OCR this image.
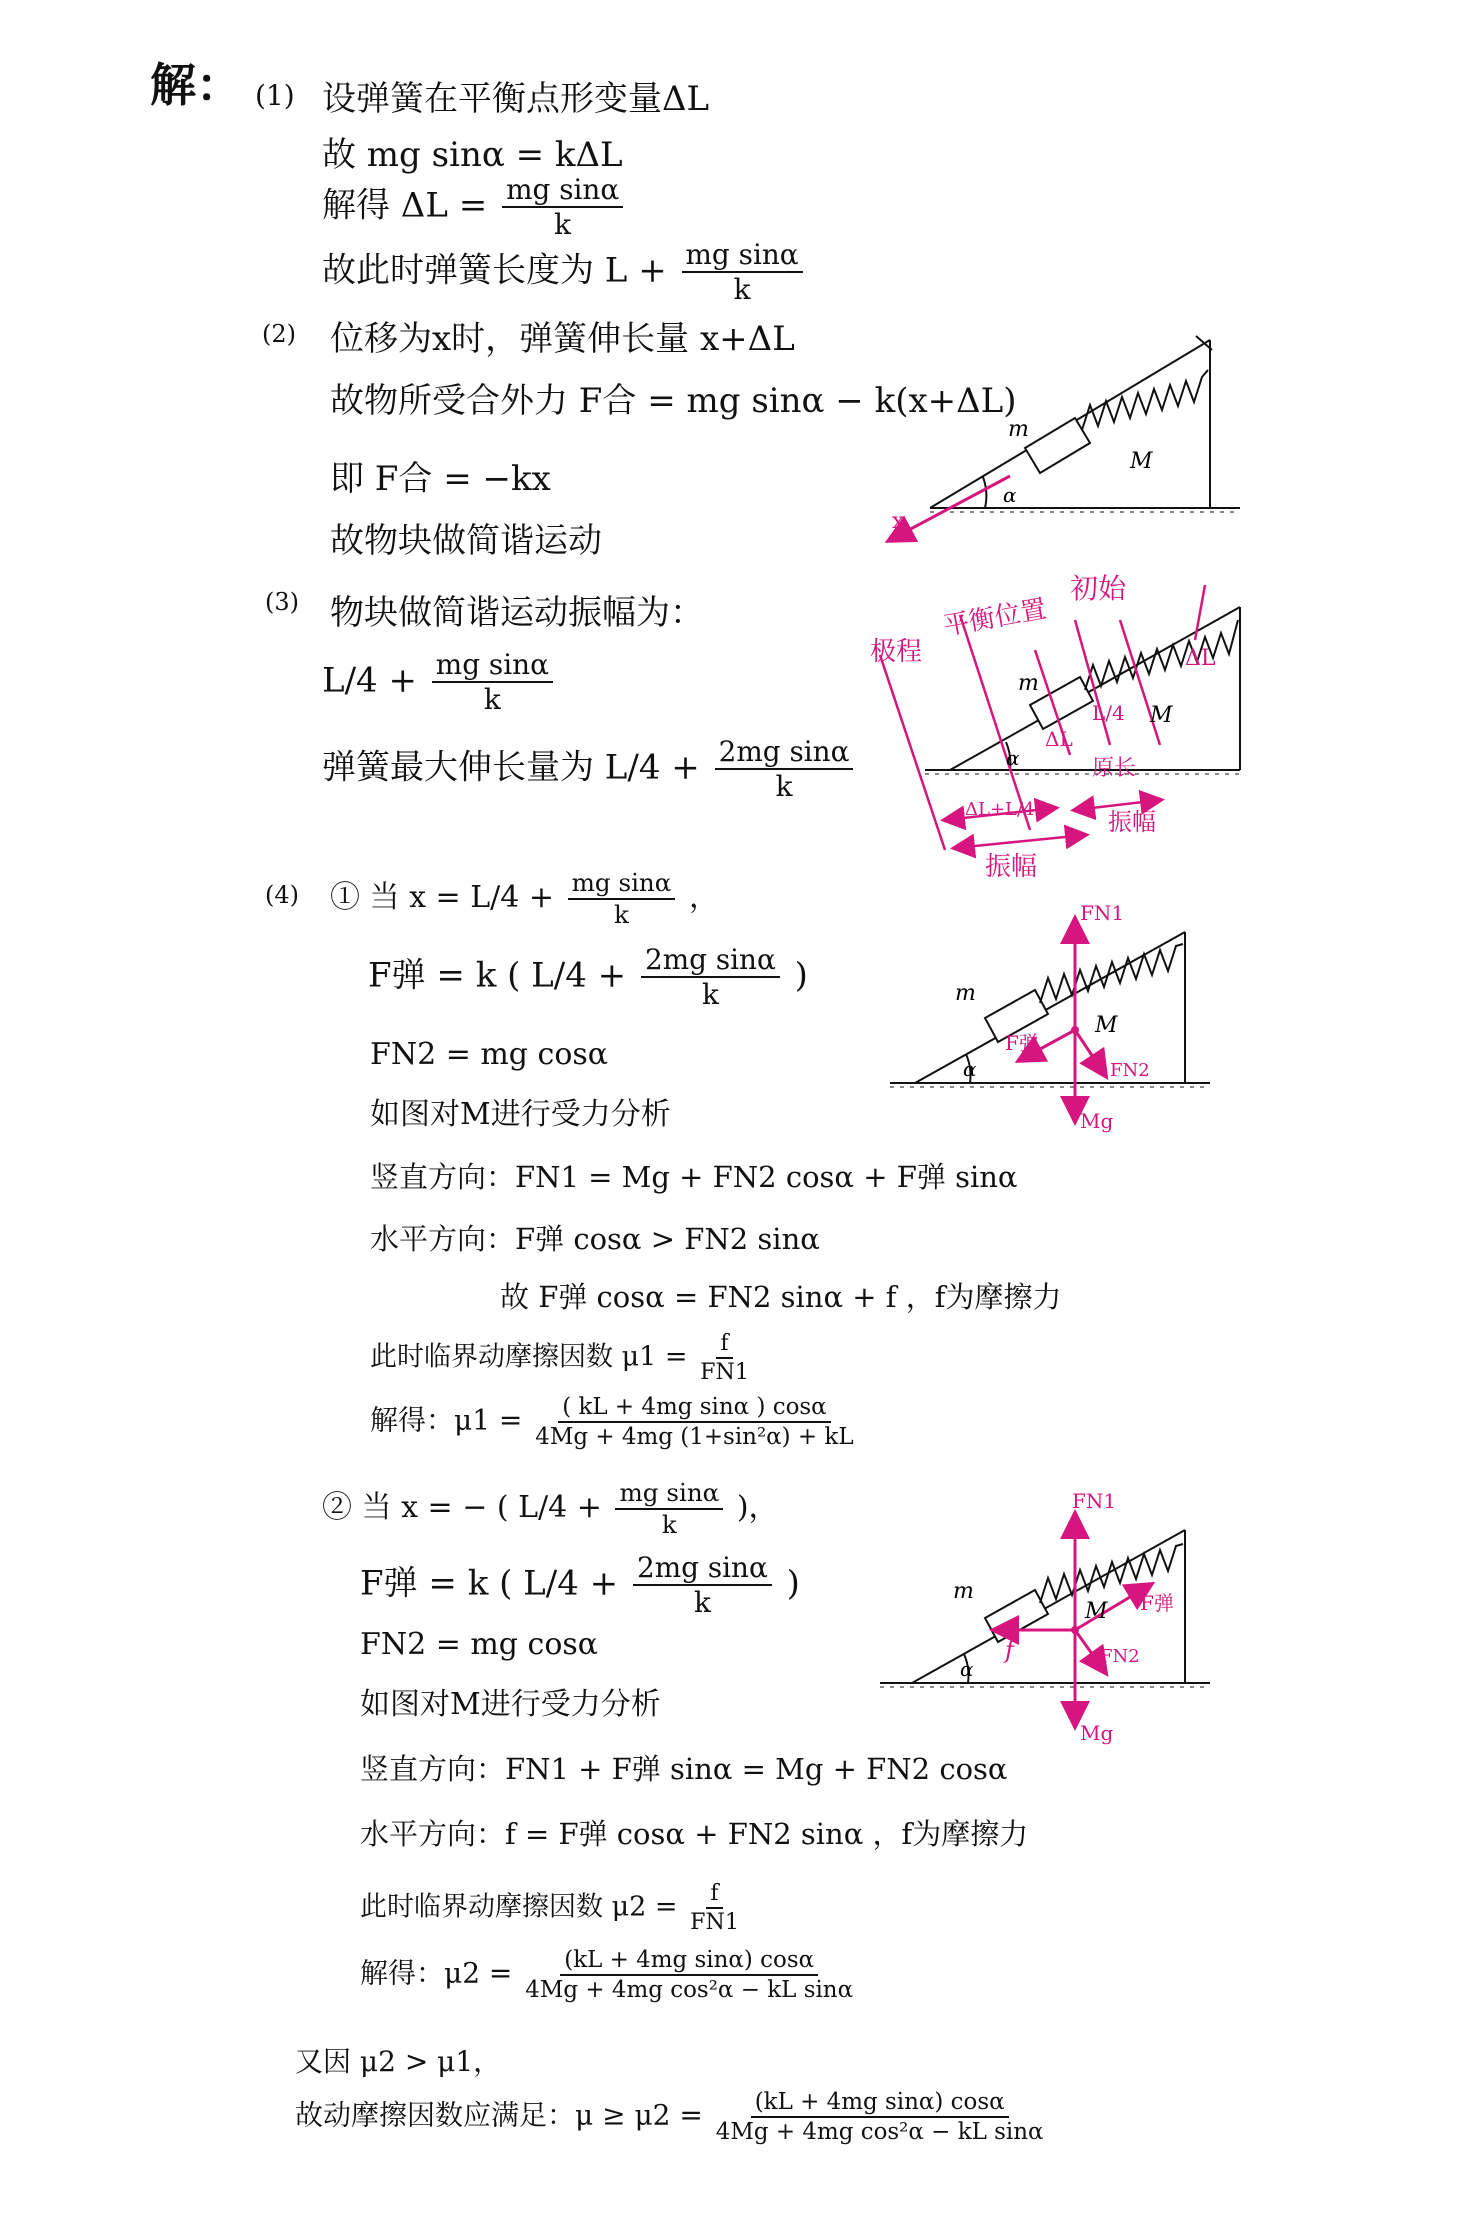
解： (1) 设弹簧在平衡点形变量ΔL
故 mg sinα = kΔL
解得 $\Delta L = \frac{\text{mg sinα}}{k}$
故此时弹簧长度为 $L + \frac{\text{mg sinα}}{k}$
(2) 位移为x时，弹簧伸长量 x+ΔL
故物所受合外力 F合 = mg sinα − k(x+ΔL)
即 F合 = −kx
故物块做简谐运动
(3) 物块做简谐运动振幅为：
$L/4 + \frac{\text{mg sinα}}{k}$
弹簧最大伸长量为 $L/4 + \frac{\text{2mg sinα}}{k}$
(4) ① 当 $x = L/4 + \frac{\text{mg sinα}}{k}$ ，
F弹 = k ( $L/4 + \frac{\text{2mg sinα}}{k}$ )
FN2 = mg cosα
如图对M进行受力分析
竖直方向：FN1 = Mg + FN2 cosα + F弹 sinα
水平方向：F弹 cosα > FN2 sinα
故 F弹 cosα = FN2 sinα + f ，f为摩擦力
此时临界动摩擦因数 $\mu 1 = \frac{f}{FN1}$
解得：$\mu 1 = \frac{\text{( kL + 4mg sinα ) cosα}}{\text{4Mg + 4mg (1+sin²α) + kL}}$
② 当 x = − ( $L/4 + \frac{\text{mg sinα}}{k}$ )，
F弹 = k ( $L/4 + \frac{\text{2mg sinα}}{k}$ )
FN2 = mg cosα
如图对M进行受力分析
竖直方向：FN1 + F弹 sinα = Mg + FN2 cosα
水平方向：f = F弹 cosα + FN2 sinα ，f为摩擦力
此时临界动摩擦因数 $\mu 2 = \frac{f}{FN1}$
解得：$\mu 2 = \frac{\text{(kL + 4mg sinα) cosα}}{\text{4Mg + 4mg cos²α − kL sinα}}$
又因 μ2 > μ1，
故动摩擦因数应满足：$\mu \ge \mu 2 = \frac{\text{(kL + 4mg sinα) cosα}}{\text{4Mg + 4mg cos²α − kL sinα}}$
m
M
α
x
m
M
α
初始
平衡位置
极程
ΔL
L/4
ΔL
ΔL+L/4
原长
振幅
振幅
m
M
α
FN1
F弹
FN2
Mg
m
M
α
FN1
F弹
FN2
Mg
f
